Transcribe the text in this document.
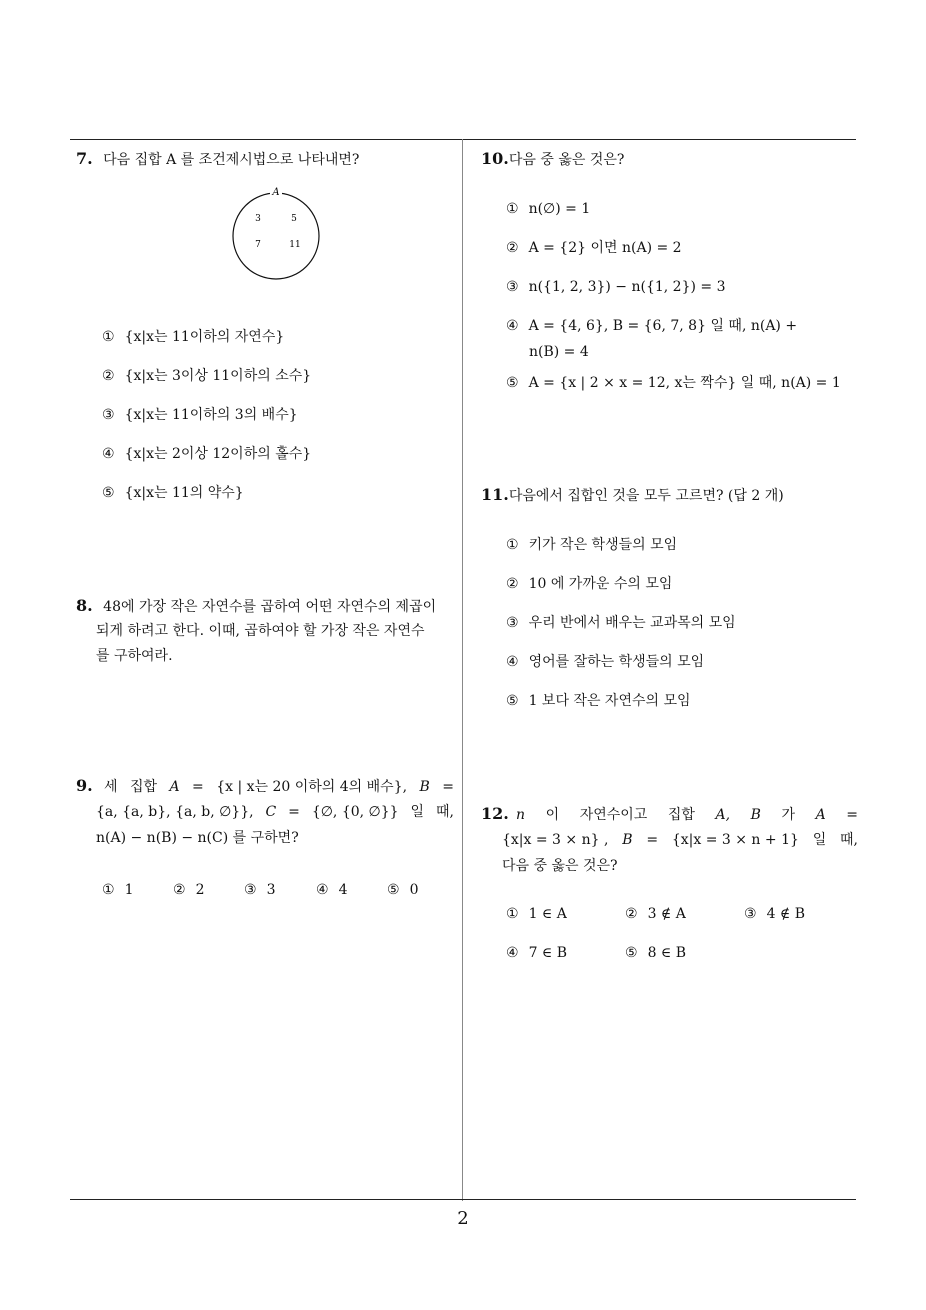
7. 다음 집합 A 를 조건제시법으로 나타내면?
A
3	5
7	11
① {x|x는 11이하의 자연수}
② {x|x는 3이상 11이하의 소수}
③ {x|x는 11이하의 3의 배수}
④ {x|x는 2이상 12이하의 홀수}
⑤ {x|x는 11의 약수}
8. 48에 가장 작은 자연수를 곱하여 어떤 자연수의 제곱이
되게 하려고 한다. 이때, 곱하여야 할 가장 작은 자연수
를 구하여라.
9. 세 집합 A = {x | x는 20 이하의 4의 배수}, B =
{a, {a, b}, {a, b, ∅}}, C = {∅, {0, ∅}} 일 때,
n(A) − n(B) − n(C) 를 구하면?
① 1	② 2	③ 3	④ 4	⑤ 0
10.다음 중 옳은 것은?
① n(∅) = 1
② A = {2} 이면 n(A) = 2
③ n({1, 2, 3}) − n({1, 2}) = 3
④ A = {4, 6}, B = {6, 7, 8} 일 때, n(A) +
n(B) = 4
⑤ A = {x | 2 × x = 12, x는 짝수} 일 때, n(A) = 1
11.다음에서 집합인 것을 모두 고르면? (답 2 개)
① 키가 작은 학생들의 모임
② 10 에 가까운 수의 모임
③ 우리 반에서 배우는 교과목의 모임
④ 영어를 잘하는 학생들의 모임
⑤ 1 보다 작은 자연수의 모임
12. n 이 자연수이고 집합 A, B 가 A =
{x|x = 3 × n} , B = {x|x = 3 × n + 1} 일 때,
다음 중 옳은 것은?
① 1 ∈ A	② 3 ∉ A	③ 4 ∉ B
④ 7 ∈ B	⑤ 8 ∈ B
2
